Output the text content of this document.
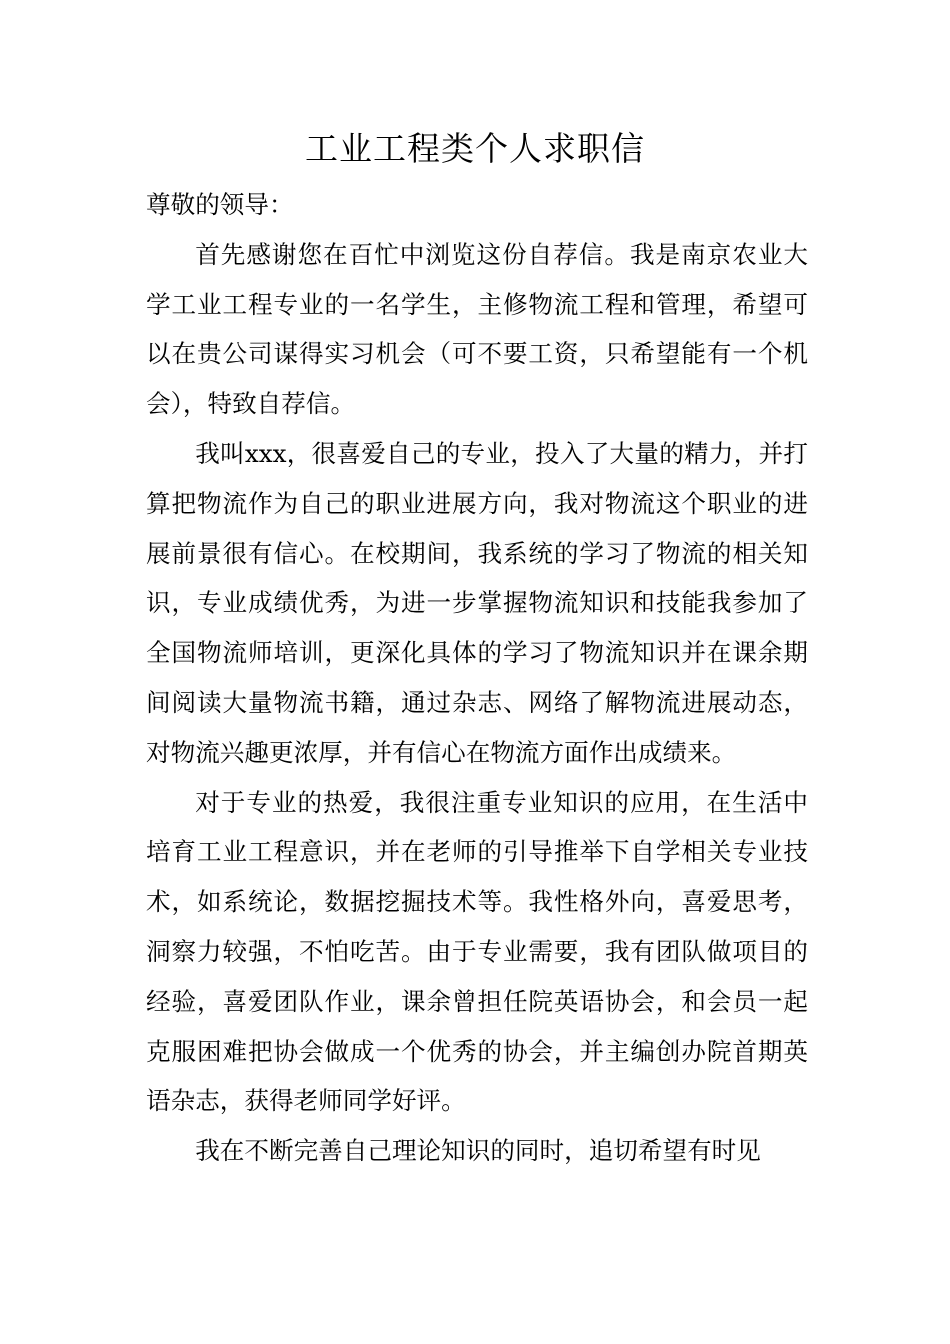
工业工程类个人求职信

尊敬的领导：

首先感谢您在百忙中浏览这份自荐信。我是南京农业大学工业工程专业的一名学生，主修物流工程和管理，希望可以在贵公司谋得实习机会（可不要工资，只希望能有一个机会），特致自荐信。

我叫xxx，很喜爱自己的专业，投入了大量的精力，并打算把物流作为自己的职业进展方向，我对物流这个职业的进展前景很有信心。在校期间，我系统的学习了物流的相关知识，专业成绩优秀，为进一步掌握物流知识和技能我参加了全国物流师培训，更深化具体的学习了物流知识并在课余期间阅读大量物流书籍，通过杂志、网络了解物流进展动态，对物流兴趣更浓厚，并有信心在物流方面作出成绩来。

对于专业的热爱，我很注重专业知识的应用，在生活中培育工业工程意识，并在老师的引导推举下自学相关专业技术，如系统论，数据挖掘技术等。我性格外向，喜爱思考，洞察力较强，不怕吃苦。由于专业需要，我有团队做项目的经验，喜爱团队作业，课余曾担任院英语协会，和会员一起克服困难把协会做成一个优秀的协会，并主编创办院首期英语杂志，获得老师同学好评。

我在不断完善自己理论知识的同时，追切希望有时见
